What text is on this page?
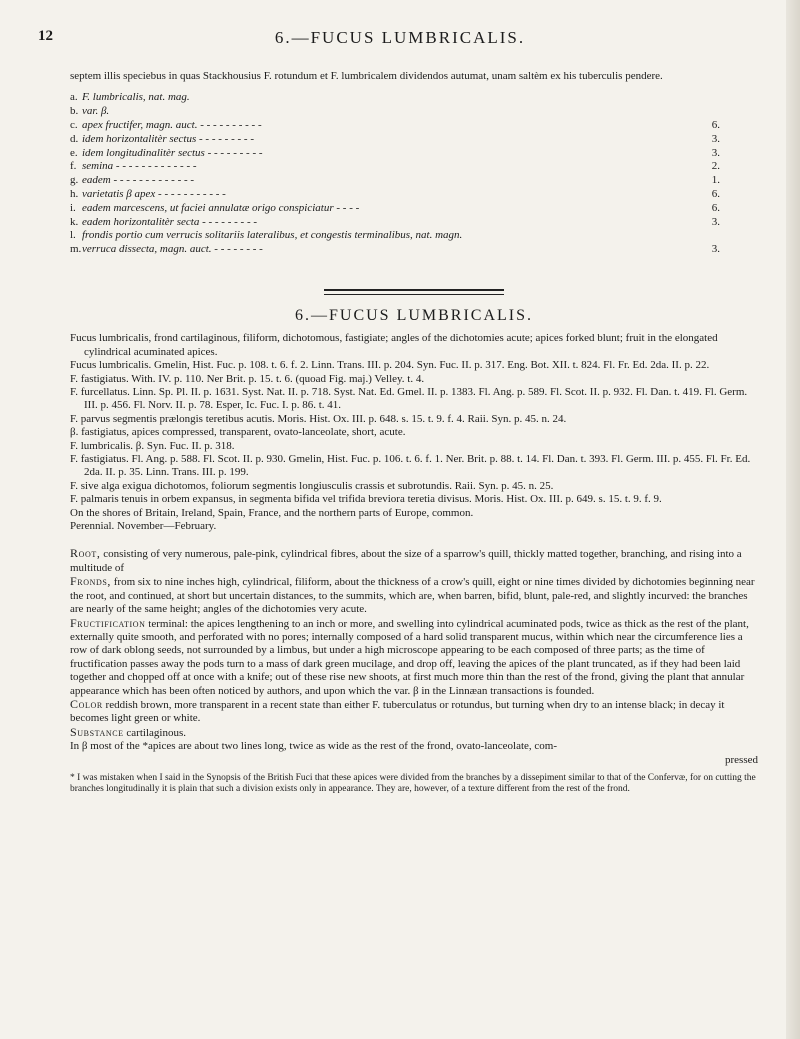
12	6.—FUCUS LUMBRICALIS.

septem illis speciebus in quas Stackhousius F. rotundum et F. lumbricalem dividendos autumat, unam saltèm ex his tuberculis pendere.

a. F. lumbricalis, nat. mag.
b. var. β.
c. apex fructifer, magn. auct. - - - - - - - - - -	6.
d. idem horizontalitèr sectus - - - - - - - - -	3.
e. idem longitudinalitèr sectus - - - - - - - - -	3.
f. semina - - - - - - - - - - - - -	2.
g. eadem - - - - - - - - - - - - -	1.
h. varietatis β apex - - - - - - - - - - -	6.
i. eadem marcescens, ut faciei annulatæ origo conspiciatur - - - -	6.
k. eadem horizontalitèr secta - - - - - - - - -	3.
l. frondis portio cum verrucis solitariis lateralibus, et congestis terminalibus, nat. magn.
m. verruca dissecta, magn. auct. - - - - - - - -	3.
6.—FUCUS LUMBRICALIS.

Fucus lumbricalis, frond cartilaginous, filiform, dichotomous, fastigiate; angles of the dichotomies acute; apices forked blunt; fruit in the elongated cylindrical acuminated apices.

Fucus lumbricalis. Gmelin, Hist. Fuc. p. 108. t. 6. f. 2. Linn. Trans. III. p. 204. Syn. Fuc. II. p. 317. Eng. Bot. XII. t. 824. Fl. Fr. Ed. 2da. II. p. 22.

F. fastigiatus. With. IV. p. 110. Ner Brit. p. 15. t. 6. (quoad Fig. maj.) Velley. t. 4.

F. furcellatus. Linn. Sp. Pl. II. p. 1631. Syst. Nat. II. p. 718. Syst. Nat. Ed. Gmel. II. p. 1383. Fl. Ang. p. 589. Fl. Scot. II. p. 932. Fl. Dan. t. 419. Fl. Germ. III. p. 456. Fl. Norv. II. p. 78. Esper, Ic. Fuc. I. p. 86. t. 41.

F. parvus segmentis prælongis teretibus acutis. Moris. Hist. Ox. III. p. 648. s. 15. t. 9. f. 4. Raii. Syn. p. 45. n. 24.

β. fastigiatus, apices compressed, transparent, ovato-lanceolate, short, acute.

F. lumbricalis. β. Syn. Fuc. II. p. 318.

F. fastigiatus. Fl. Ang. p. 588. Fl. Scot. II. p. 930. Gmelin, Hist. Fuc. p. 106. t. 6. f. 1. Ner. Brit. p. 88. t. 14. Fl. Dan. t. 393. Fl. Germ. III. p. 455. Fl. Fr. Ed. 2da. II. p. 35. Linn. Trans. III. p. 199.

F. sive alga exigua dichotomos, foliorum segmentis longiusculis crassis et subrotundis. Raii. Syn. p. 45. n. 25.

F. palmaris tenuis in orbem expansus, in segmenta bifida vel trifida breviora teretia divisus. Moris. Hist. Ox. III. p. 649. s. 15. t. 9. f. 9.

On the shores of Britain, Ireland, Spain, France, and the northern parts of Europe, common.

Perennial. November—February.

Root, consisting of very numerous, pale-pink, cylindrical fibres, about the size of a sparrow's quill, thickly matted together, branching, and rising into a multitude of

Fronds, from six to nine inches high, cylindrical, filiform, about the thickness of a crow's quill, eight or nine times divided by dichotomies beginning near the root, and continued, at short but uncertain distances, to the summits, which are, when barren, bifid, blunt, pale-red, and slightly incurved: the branches are nearly of the same height; angles of the dichotomies very acute.

Fructification terminal: the apices lengthening to an inch or more, and swelling into cylindrical acuminated pods, twice as thick as the rest of the plant, externally quite smooth, and perforated with no pores; internally composed of a hard solid transparent mucus, within which near the circumference lies a row of dark oblong seeds, not surrounded by a limbus, but under a high microscope appearing to be each composed of three parts; as the time of fructification passes away the pods turn to a mass of dark green mucilage, and drop off, leaving the apices of the plant truncated, as if they had been laid together and chopped off at once with a knife; out of these rise new shoots, at first much more thin than the rest of the frond, giving the plant that annular appearance which has been often noticed by authors, and upon which the var. β in the Linnæan transactions is founded.

Color reddish brown, more transparent in a recent state than either F. tuberculatus or rotundus, but turning when dry to an intense black; in decay it becomes light green or white.

Substance cartilaginous.

In β most of the *apices are about two lines long, twice as wide as the rest of the frond, ovato-lanceolate, com-

pressed

* I was mistaken when I said in the Synopsis of the British Fuci that these apices were divided from the branches by a dissepiment similar to that of the Confervæ, for on cutting the branches longitudinally it is plain that such a division exists only in appearance. They are, however, of a texture different from the rest of the frond.
